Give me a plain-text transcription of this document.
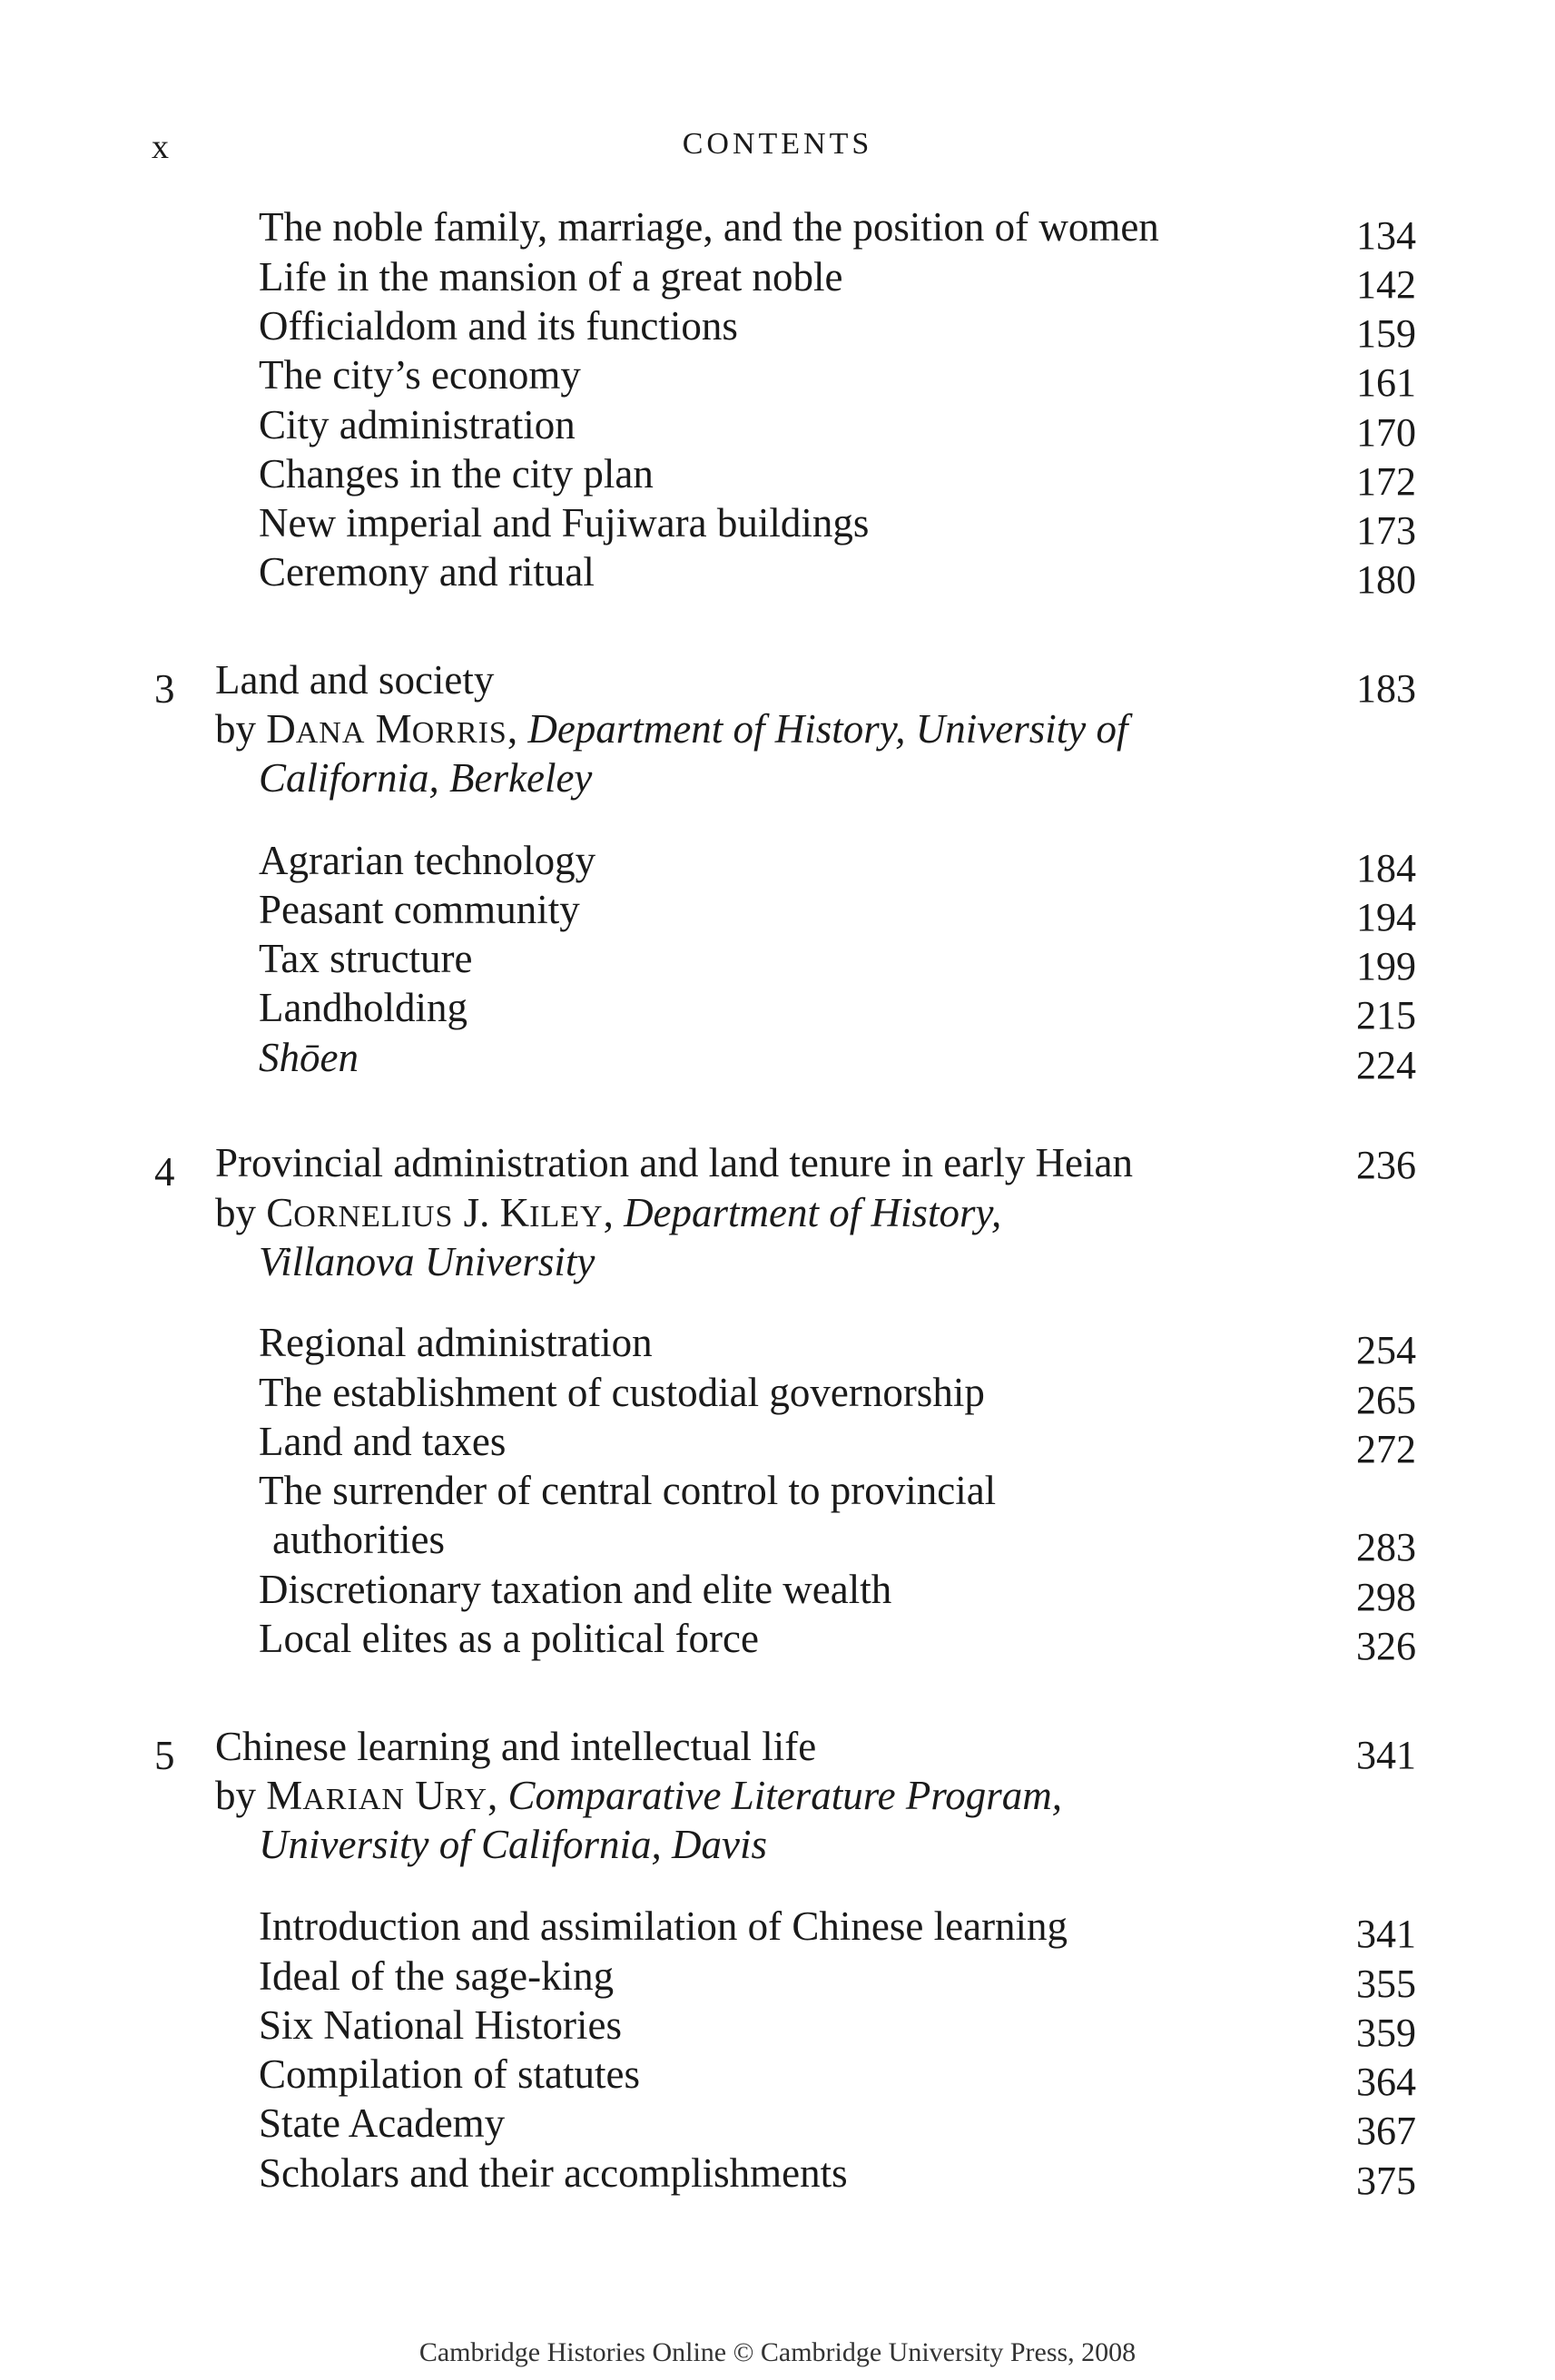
x	CONTENTS
The noble family, marriage, and the position of women	134
Life in the mansion of a great noble	142
Officialdom and its functions	159
The city’s economy	161
City administration	170
Changes in the city plan	172
New imperial and Fujiwara buildings	173
Ceremony and ritual	180
3 Land and society	183
by DANA MORRIS, Department of History, University of
California, Berkeley
Agrarian technology	184
Peasant community	194
Tax structure	199
Landholding	215
Shōen	224
4 Provincial administration and land tenure in early Heian	236
by CORNELIUS J. KILEY, Department of History,
Villanova University
Regional administration	254
The establishment of custodial governorship	265
Land and taxes	272
The surrender of central control to provincial
authorities	283
Discretionary taxation and elite wealth	298
Local elites as a political force	326
5 Chinese learning and intellectual life	341
by MARIAN URY, Comparative Literature Program,
University of California, Davis
Introduction and assimilation of Chinese learning	341
Ideal of the sage-king	355
Six National Histories	359
Compilation of statutes	364
State Academy	367
Scholars and their accomplishments	375
Cambridge Histories Online © Cambridge University Press, 2008
